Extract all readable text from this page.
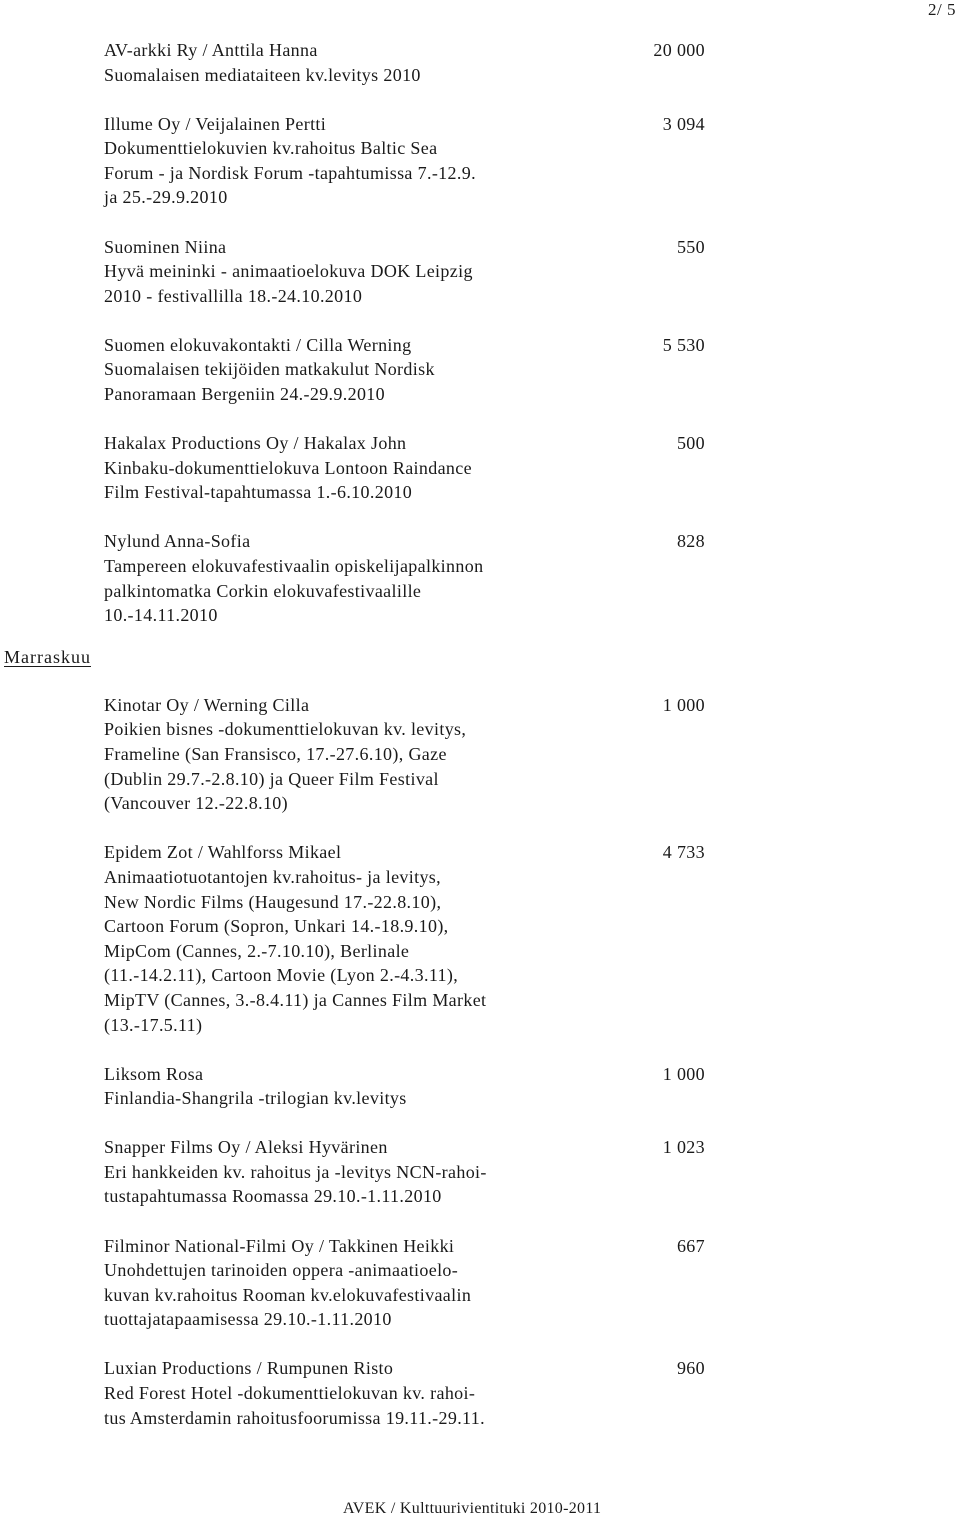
2/ 5
AV-arkki Ry / Anttila Hanna
Suomalaisen mediataiteen kv.levitys 2010
20 000
Illume Oy / Veijalainen Pertti
Dokumenttielokuvien kv.rahoitus Baltic Sea
Forum - ja Nordisk Forum -tapahtumissa 7.-12.9.
ja 25.-29.9.2010
3 094
Suominen Niina
Hyvä meininki - animaatioelokuva DOK Leipzig
2010 - festivallilla 18.-24.10.2010
550
Suomen elokuvakontakti / Cilla Werning
Suomalaisen tekijöiden matkakulut Nordisk
Panoramaan Bergeniin 24.-29.9.2010
5 530
Hakalax Productions Oy / Hakalax John
Kinbaku-dokumenttielokuva Lontoon Raindance
Film Festival-tapahtumassa 1.-6.10.2010
500
Nylund Anna-Sofia
Tampereen elokuvafestivaalin opiskelijapalkinnon
palkintomatka Corkin elokuvafestivaalille
10.-14.11.2010
828
Marraskuu
Kinotar Oy / Werning Cilla
Poikien bisnes -dokumenttielokuvan kv. levitys,
Frameline (San Fransisco, 17.-27.6.10), Gaze
(Dublin 29.7.-2.8.10) ja Queer Film Festival
(Vancouver 12.-22.8.10)
1 000
Epidem Zot / Wahlforss Mikael
Animaatiotuotantojen kv.rahoitus- ja levitys,
New Nordic Films (Haugesund 17.-22.8.10),
Cartoon Forum (Sopron, Unkari 14.-18.9.10),
MipCom (Cannes, 2.-7.10.10), Berlinale
(11.-14.2.11), Cartoon Movie (Lyon 2.-4.3.11),
MipTV (Cannes, 3.-8.4.11) ja Cannes Film Market
(13.-17.5.11)
4 733
Liksom Rosa
Finlandia-Shangrila -trilogian kv.levitys
1 000
Snapper Films Oy / Aleksi Hyvärinen
Eri hankkeiden kv. rahoitus ja -levitys NCN-rahoi-
tustapahtumassa Roomassa 29.10.-1.11.2010
1 023
Filminor National-Filmi Oy / Takkinen Heikki
Unohdettujen tarinoiden oppera -animaatioelo-
kuvan kv.rahoitus Rooman kv.elokuvafestivaalin
tuottajatapaamisessa 29.10.-1.11.2010
667
Luxian Productions / Rumpunen Risto
Red Forest Hotel -dokumenttielokuvan kv. rahoi-
tus Amsterdamin rahoitusfoorumissa 19.11.-29.11.
960
AVEK / Kulttuurivientituki 2010-2011
